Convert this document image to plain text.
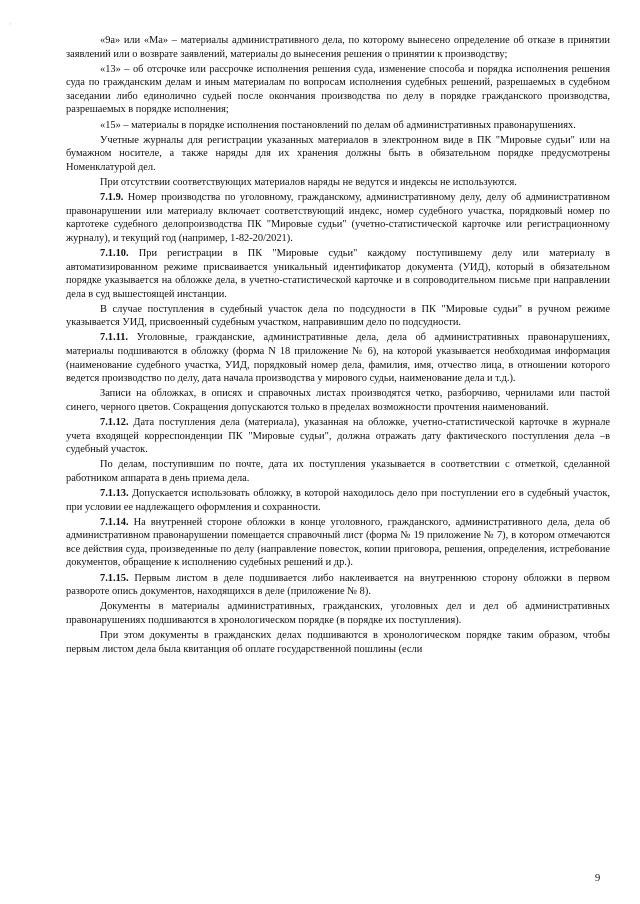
ˌ

«9а» или «Ма» – материалы административного дела, по которому вынесено определение об отказе в принятии заявлений или о возврате заявлений, материалы до вынесения решения о принятии к производству;

«13» – об отсрочке или рассрочке исполнения решения суда, изменение способа и порядка исполнения решения суда по гражданским делам и иным материалам по вопросам исполнения судебных решений, разрешаемых в судебном заседании либо единолично судьей после окончания производства по делу в порядке гражданского производства, разрешаемых в порядке исполнения;

«15» – материалы в порядке исполнения постановлений по делам об административных правонарушениях.

Учетные журналы для регистрации указанных материалов в электронном виде в ПК "Мировые судьи" или на бумажном носителе, а также наряды для их хранения должны быть в обязательном порядке предусмотрены Номенклатурой дел.

При отсутствии соответствующих материалов наряды не ведутся и индексы не используются.

7.1.9. Номер производства по уголовному, гражданскому, административному делу, делу об административном правонарушении или материалу включает соответствующий индекс, номер судебного участка, порядковый номер по картотеке судебного делопроизводства ПК "Мировые судьи" (учетно-статистической карточке или регистрационному журналу), и текущий год (например, 1-82-20/2021).

7.1.10. При регистрации в ПК "Мировые судьи" каждому поступившему делу или материалу в автоматизированном режиме присваивается уникальный идентификатор документа (УИД), который в обязательном порядке указывается на обложке дела, в учетно-статистической карточке и в сопроводительном письме при направлении дела в суд вышестоящей инстанции.

В случае поступления в судебный участок дела по подсудности в ПК "Мировые судьи" в ручном режиме указывается УИД, присвоенный судебным участком, направившим дело по подсудности.

7.1.11. Уголовные, гражданские, административные дела, дела об административных правонарушениях, материалы подшиваются в обложку (форма N 18 приложение № 6), на которой указывается необходимая информация (наименование судебного участка, УИД, порядковый номер дела, фамилия, имя, отчество лица, в отношении которого ведется производство по делу, дата начала производства у мирового судьи, наименование дела и т.д.).

Записи на обложках, в описях и справочных листах производятся четко, разборчиво, чернилами или пастой синего, черного цветов. Сокращения допускаются только в пределах возможности прочтения наименований.

7.1.12. Дата поступления дела (материала), указанная на обложке, учетно-статистической карточке в журнале учета входящей корреспонденции ПК "Мировые судьи", должна отражать дату фактического поступления дела –в судебный участок.

По делам, поступившим по почте, дата их поступления указывается в соответствии с отметкой, сделанной работником аппарата в день приема дела.

7.1.13. Допускается использовать обложку, в которой находилось дело при поступлении его в судебный участок, при условии ее надлежащего оформления и сохранности.

7.1.14. На внутренней стороне обложки в конце уголовного, гражданского, административного дела, дела об административном правонарушении помещается справочный лист (форма № 19 приложение № 7), в котором отмечаются все действия суда, произведенные по делу (направление повесток, копии приговора, решения, определения, истребование документов, обращение к исполнению судебных решений и др.).

7.1.15. Первым листом в деле подшивается либо наклеивается на внутреннюю сторону обложки в первом развороте опись документов, находящихся в деле (приложение № 8).

Документы в материалы административных, гражданских, уголовных дел и дел об административных правонарушениях подшиваются в хронологическом порядке (в порядке их поступления).

При этом документы в гражданских делах подшиваются в хронологическом порядке таким образом, чтобы первым листом дела была квитанция об оплате государственной пошлины (если

9
